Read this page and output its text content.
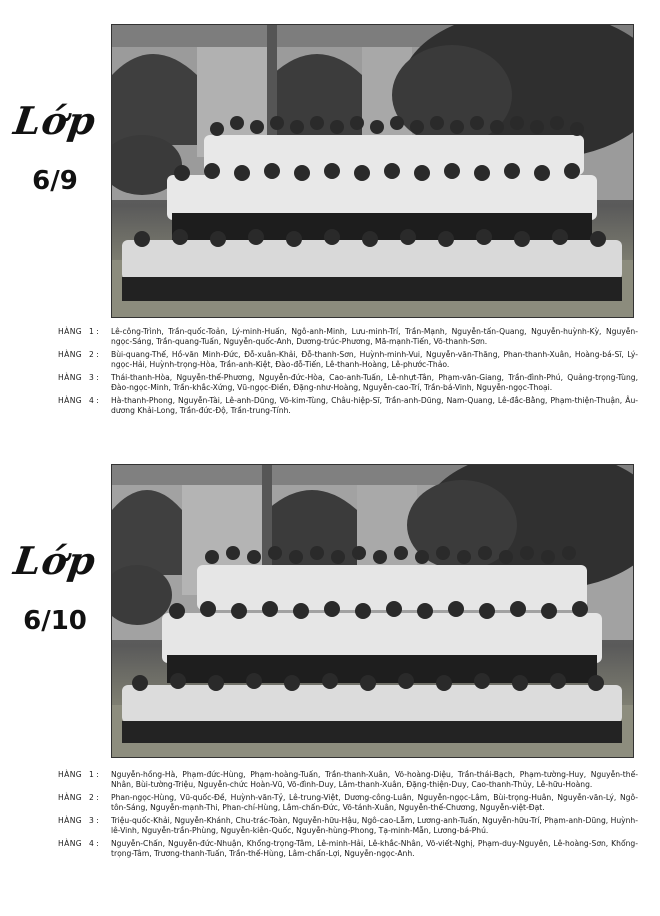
Lớp
6/9
HÀNG 1 :	Lê-công-Trình, Trần-quốc-Toản, Lý-minh-Huấn, Ngô-anh-Minh, Lưu-minh-Trí, Trần-Mạnh, Nguyễn-tấn-Quang, Nguyễn-huỳnh-Kỳ, Nguyễn-ngọc-Sáng, Trần-quang-Tuấn, Nguyễn-quốc-Anh, Dương-trúc-Phương, Mã-mạnh-Tiến, Võ-thanh-Sơn.
HÀNG 2 :	Bùi-quang-Thế, Hồ-văn Minh-Đức, Đỗ-xuân-Khải, Đỗ-thanh-Sơn, Huỳnh-minh-Vui, Nguyễn-văn-Thăng, Phan-thanh-Xuân, Hoàng-bá-Sĩ, Lý-ngọc-Hải, Huỳnh-trọng-Hòa, Trần-anh-Kiệt, Đào-đỗ-Tiến, Lê-thanh-Hoàng, Lê-phước-Thảo.
HÀNG 3 :	Thái-thanh-Hòa, Nguyễn-thế-Phương, Nguyễn-đức-Hòa, Cao-anh-Tuấn, Lê-nhựt-Tân, Phạm-văn-Giang, Trần-đình-Phú, Quảng-trọng-Tùng, Đào-ngọc-Minh, Trần-khắc-Xứng, Vũ-ngọc-Điền, Đặng-như-Hoàng, Nguyễn-cao-Trí, Trần-bá-Vinh, Nguyễn-ngọc-Thoại.
HÀNG 4 :	Hà-thanh-Phong, Nguyễn-Tài, Lê-anh-Dũng, Võ-kim-Tùng, Châu-hiệp-Sĩ, Trần-anh-Dũng, Nam-Quang, Lê-đắc-Bằng, Phạm-thiện-Thuận, Âu-dương Khải-Long, Trần-đức-Độ, Trần-trung-Tính.
Lớp
6/10
HÀNG 1 :	Nguyễn-hồng-Hà, Phạm-đức-Hùng, Phạm-hoàng-Tuấn, Trần-thanh-Xuân, Võ-hoàng-Diệu, Trần-thái-Bạch, Phạm-tường-Huy, Nguyễn-thế-Nhân, Bùi-tường-Triệu, Nguyễn-chức Hoàn-Vũ, Võ-đình-Duy, Lâm-thanh-Xuân, Đặng-thiện-Duy, Cao-thanh-Thủy, Lê-hữu-Hoàng.
HÀNG 2 :	Phan-ngọc-Hùng, Vũ-quốc-Đề, Huỳnh-văn-Tỷ, Lê-trung-Việt, Dương-công-Luân, Nguyễn-ngọc-Lâm, Bùi-trọng-Huân, Nguyễn-văn-Lý, Ngô-tôn-Sáng, Nguyễn-mạnh-Thi, Phan-chí-Hùng, Lâm-chấn-Đức, Võ-tánh-Xuân, Nguyễn-thế-Chương, Nguyễn-việt-Đạt.
HÀNG 3 :	Triệu-quốc-Khải, Nguyễn-Khánh, Chu-trác-Toàn, Nguyễn-hữu-Hậu, Ngô-cao-Lẫm, Lương-anh-Tuấn, Nguyễn-hữu-Trí, Phạm-anh-Dũng, Huỳnh-lê-Vinh, Nguyễn-trần-Phùng, Nguyễn-kiên-Quốc, Nguyễn-hùng-Phong, Tạ-minh-Mẫn, Lương-bá-Phú.
HÀNG 4 :	Nguyễn-Chấn, Nguyễn-đức-Nhuận, Khổng-trọng-Tâm, Lê-minh-Hải, Lê-khắc-Nhân, Võ-viết-Nghị, Phạm-duy-Nguyên, Lê-hoàng-Sơn, Khổng-trọng-Tâm, Trương-thanh-Tuấn, Trần-thế-Hùng, Lâm-chấn-Lợi, Nguyễn-ngọc-Anh.
